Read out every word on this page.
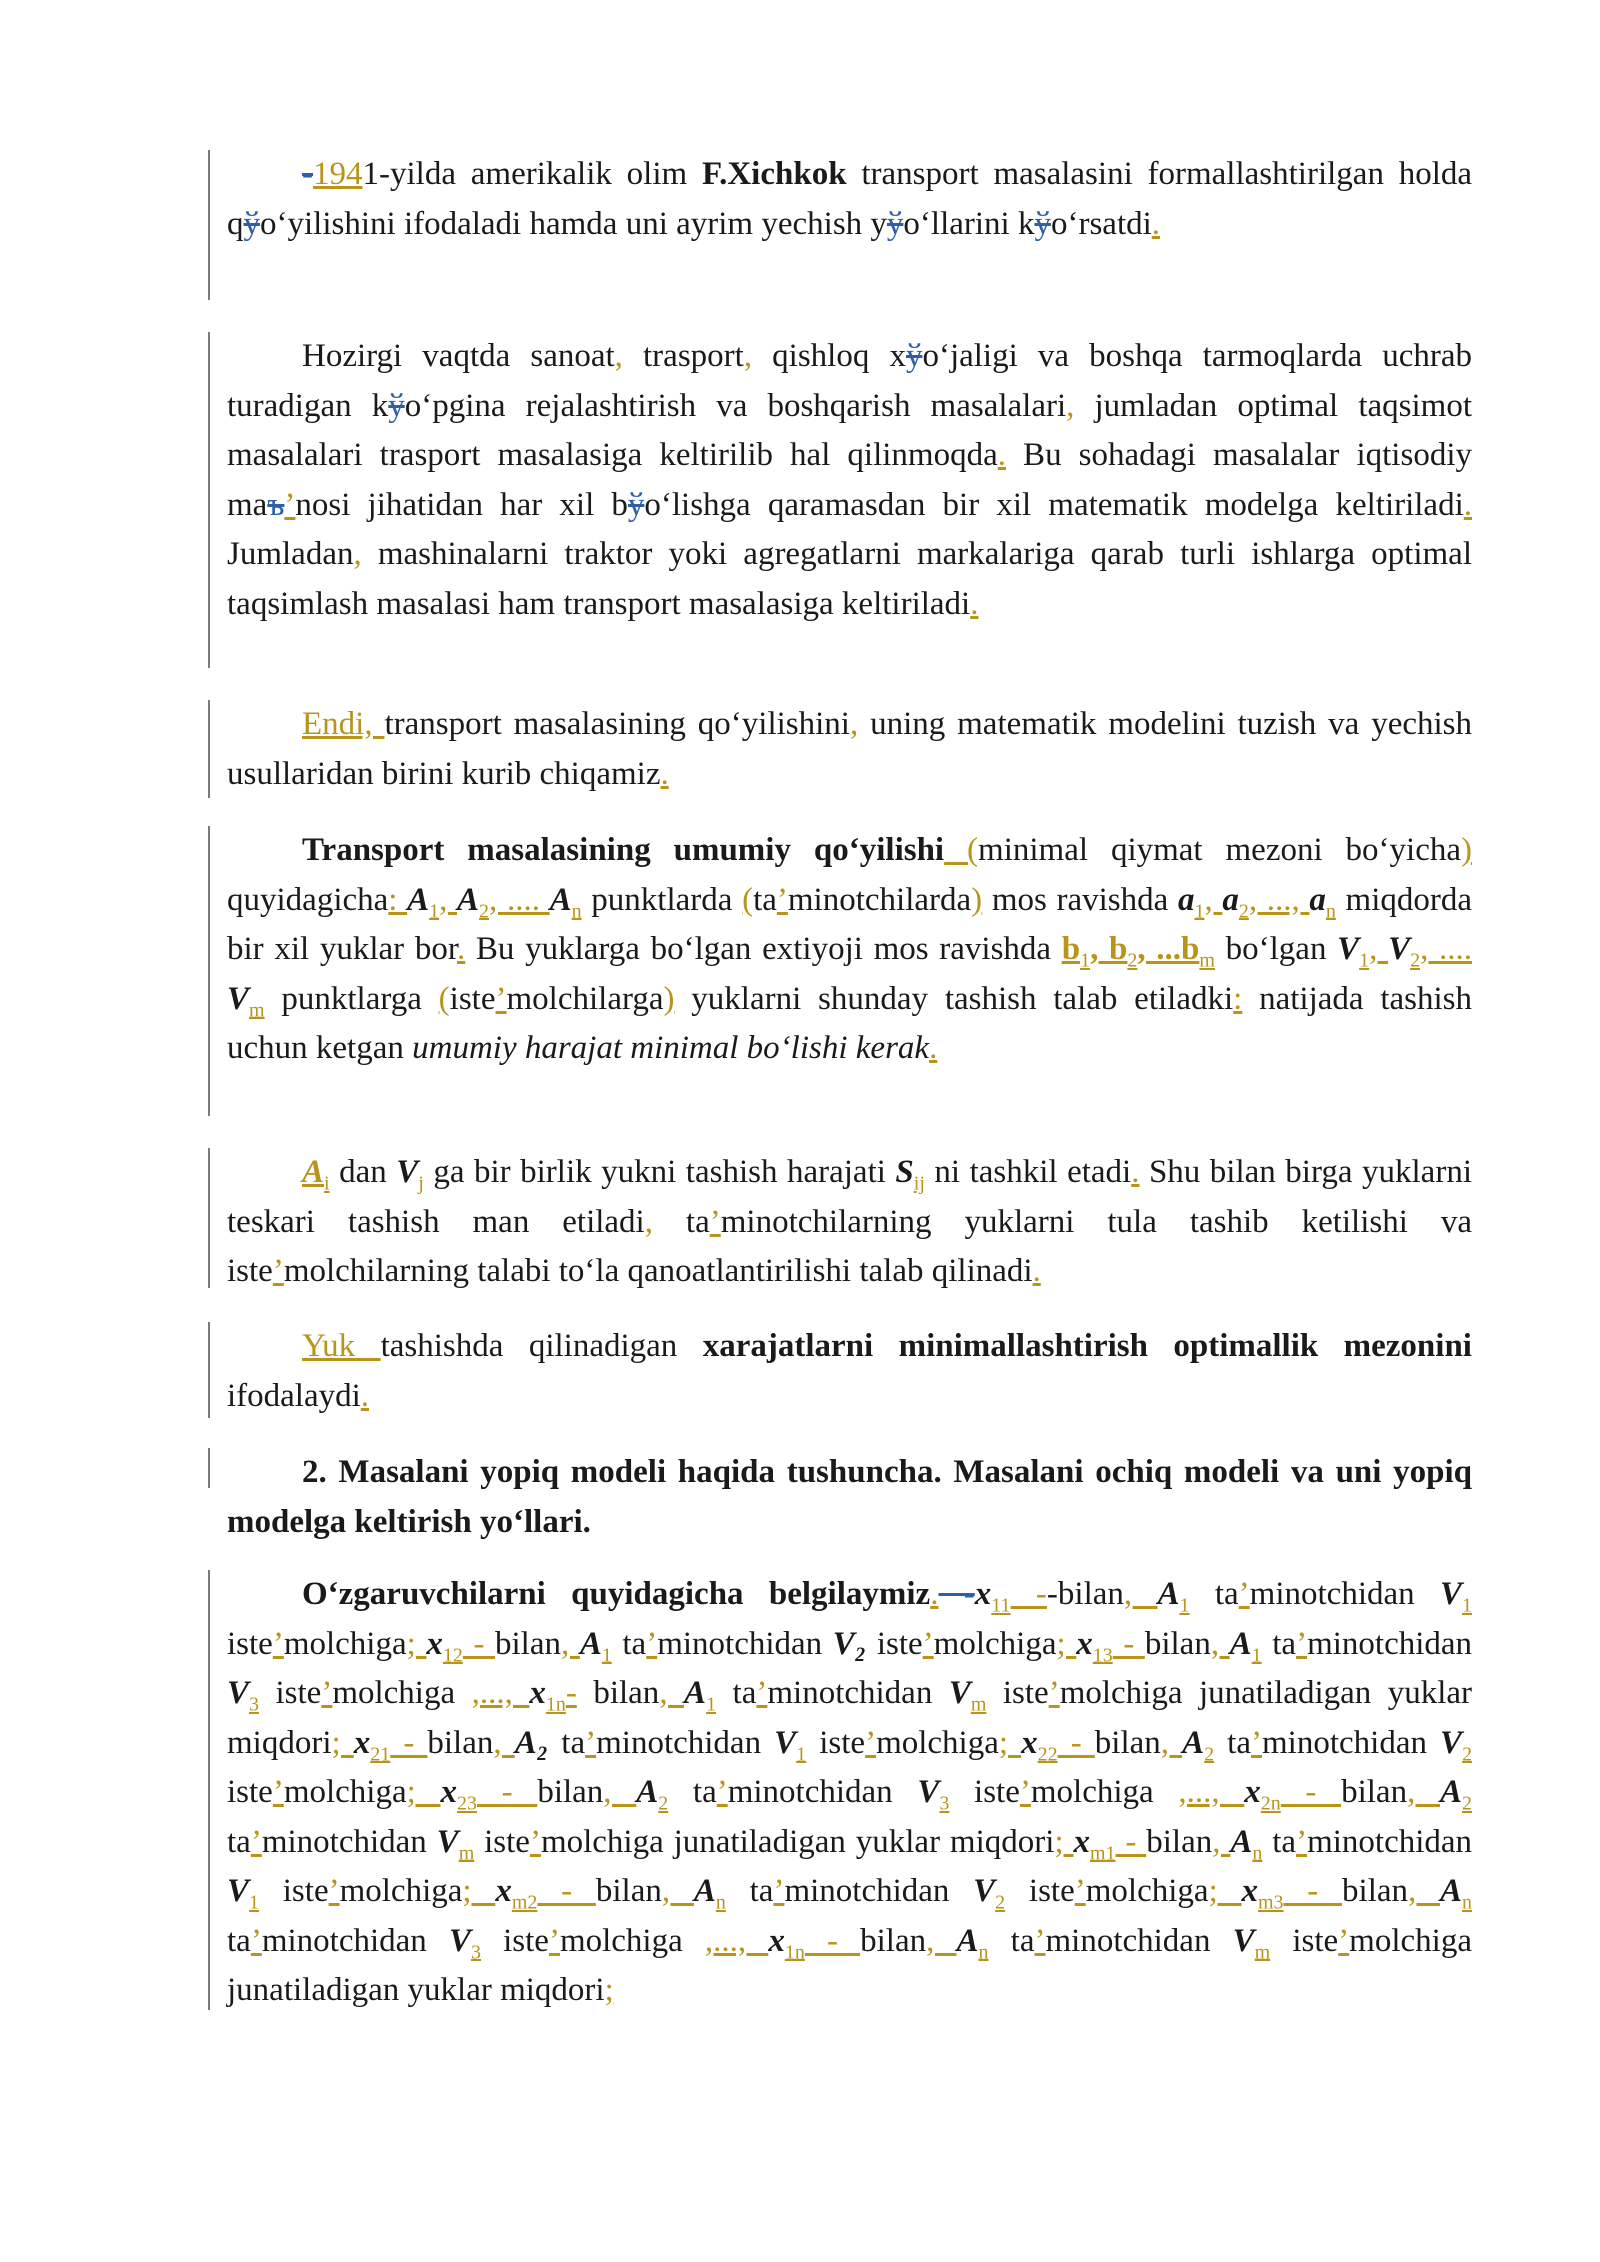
-1941-yilda amerikalik olim F.Xichkok transport masalasini formallashtirilgan holda qўo‘yilishini ifodaladi hamda uni ayrim yechish yўo‘llarini kўo‘rsatdi.

Hozirgi vaqtda sanoat, trasport, qishloq xўo‘jaligi va boshqa tarmoqlarda uchrab turadigan kўo‘pgina rejalashtirish va boshqarish masalalari, jumladan optimal taqsimot masalalari trasport masalasiga keltirilib hal qilinmoqda. Bu sohadagi masalalar iqtisodiy maъ’nosi jihatidan har xil bўo‘lishga qaramasdan bir xil matematik modelga keltiriladi. Jumladan, mashinalarni traktor yoki agregatlarni markalariga qarab turli ishlarga optimal taqsimlash masalasi ham transport masalasiga keltiriladi.

Endi, transport masalasining qo‘yilishini, uning matematik modelini tuzish va yechish usullaridan birini kurib chiqamiz.

Transport masalasining umumiy qo‘yilishi (minimal qiymat mezoni bo‘yicha) quyidagicha: $A_1$, $A_2$, .... $A_n$ punktlarda (ta’minotchilarda) mos ravishda $a_1$, $a_2$, ..., $a_n$ miqdorda bir xil yuklar bor. Bu yuklarga bo‘lgan extiyoji mos ravishda $b_1$, $b_2$, $...b_m$ bo‘lgan $V_1$, $V_2$, .... $V_m$ punktlarga (iste’molchilarga) yuklarni shunday tashish talab etiladki: natijada tashish uchun ketgan umumiy harajat minimal bo‘lishi kerak.

$A_i$ dan $V_j$ ga bir birlik yukni tashish harajati $S_{ij}$ ni tashkil etadi. Shu bilan birga yuklarni teskari tashish man etiladi, ta’minotchilarning yuklarni tula tashib ketilishi va iste’molchilarning talabi to‘la qanoatlantirilishi talab qilinadi.

Yuk tashishda qilinadigan xarajatlarni minimallashtirish optimallik mezonini ifodalaydi.

2. Masalani yopiq modeli haqida tushuncha. Masalani ochiq modeli va uni yopiq modelga keltirish yo‘llari.

O‘zgaruvchilarni quyidagicha belgilaymiz. $-x_{11}$ --bilan, $A_1$ ta’minotchidan $V_1$ iste’molchiga; $x_{12}$ - bilan, $A_1$ ta’minotchidan V₂ iste’molchiga; $x_{13}$ - bilan, $A_1$ ta’minotchidan $V_3$ iste’molchiga ,..., $x_{1n}-$ bilan, $A_1$ ta’minotchidan $V_m$ iste’molchiga junatiladigan yuklar miqdori; $x_{21}$ - bilan, A₂ ta’minotchidan $V_1$ iste’molchiga; $x_{22}$ - bilan, $A_2$ ta’minotchidan $V_2$ iste’molchiga; $x_{23}$ - bilan, $A_2$ ta’minotchidan $V_3$ iste’molchiga ,..., $x_{2n}$ - bilan, $A_2$ ta’minotchidan $V_m$ iste’molchiga junatiladigan yuklar miqdori; $x_{m1}$ - bilan, $A_n$ ta’minotchidan $V_1$ iste’molchiga; $x_{m2}$ - bilan, $A_n$ ta’minotchidan $V_2$ iste’molchiga; $x_{m3}$ - bilan, $A_n$ ta’minotchidan $V_3$ iste’molchiga ,..., $x_{1n}$ - bilan, $A_n$ ta’minotchidan $V_m$ iste’molchiga junatiladigan yuklar miqdori;
